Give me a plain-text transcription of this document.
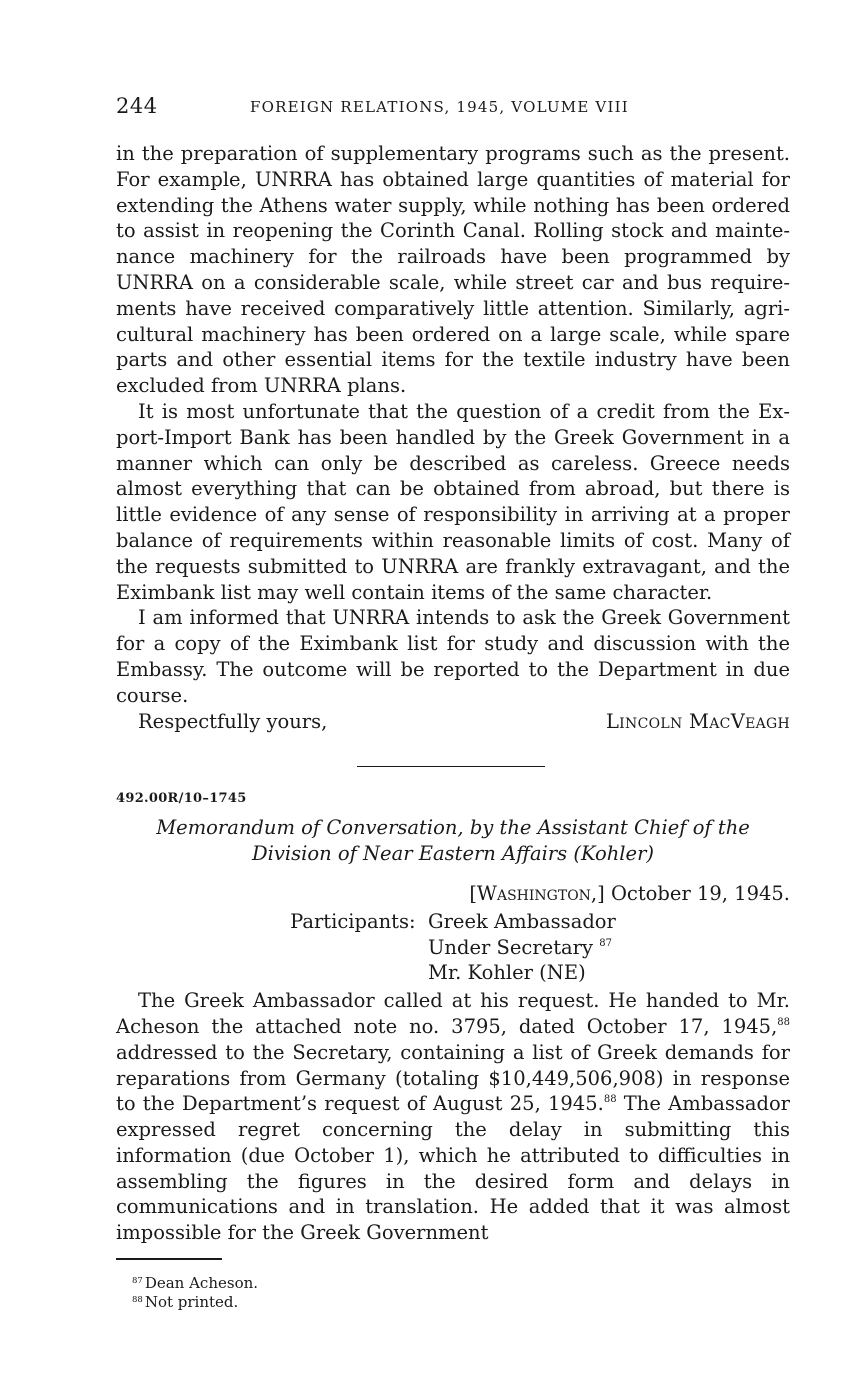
244	FOREIGN RELATIONS, 1945, VOLUME VIII

in the preparation of supplementary programs such as the present. For example, UNRRA has obtained large quantities of material for extending the Athens water supply, while nothing has been ordered to assist in reopening the Corinth Canal. Rolling stock and maintenance machinery for the railroads have been programmed by UNRRA on a considerable scale, while street car and bus requirements have received comparatively little attention. Similarly, agricultural machinery has been ordered on a large scale, while spare parts and other essential items for the textile industry have been excluded from UNRRA plans.

It is most unfortunate that the question of a credit from the Export-Import Bank has been handled by the Greek Government in a manner which can only be described as careless. Greece needs almost everything that can be obtained from abroad, but there is little evidence of any sense of responsibility in arriving at a proper balance of requirements within reasonable limits of cost. Many of the requests submitted to UNRRA are frankly extravagant, and the Eximbank list may well contain items of the same character.

I am informed that UNRRA intends to ask the Greek Government for a copy of the Eximbank list for study and discussion with the Embassy. The outcome will be reported to the Department in due course.

Respectfully yours,	Lincoln MacVeagh
492.00R/10–1745
Memorandum of Conversation, by the Assistant Chief of the Division of Near Eastern Affairs (Kohler)
[Washington,] October 19, 1945.
Participants: Greek Ambassador
Under Secretary $^{87}$
Mr. Kohler (NE)

The Greek Ambassador called at his request. He handed to Mr. Acheson the attached note no. 3795, dated October 17, 1945,88 addressed to the Secretary, containing a list of Greek demands for reparations from Germany (totaling $10,449,506,908) in response to the Department’s request of August 25, 1945.88 The Ambassador expressed regret concerning the delay in submitting this information (due October 1), which he attributed to difficulties in assembling the figures in the desired form and delays in communications and in translation. He added that it was almost impossible for the Greek Government

$^{87}$ Dean Acheson.
$^{88}$ Not printed.
